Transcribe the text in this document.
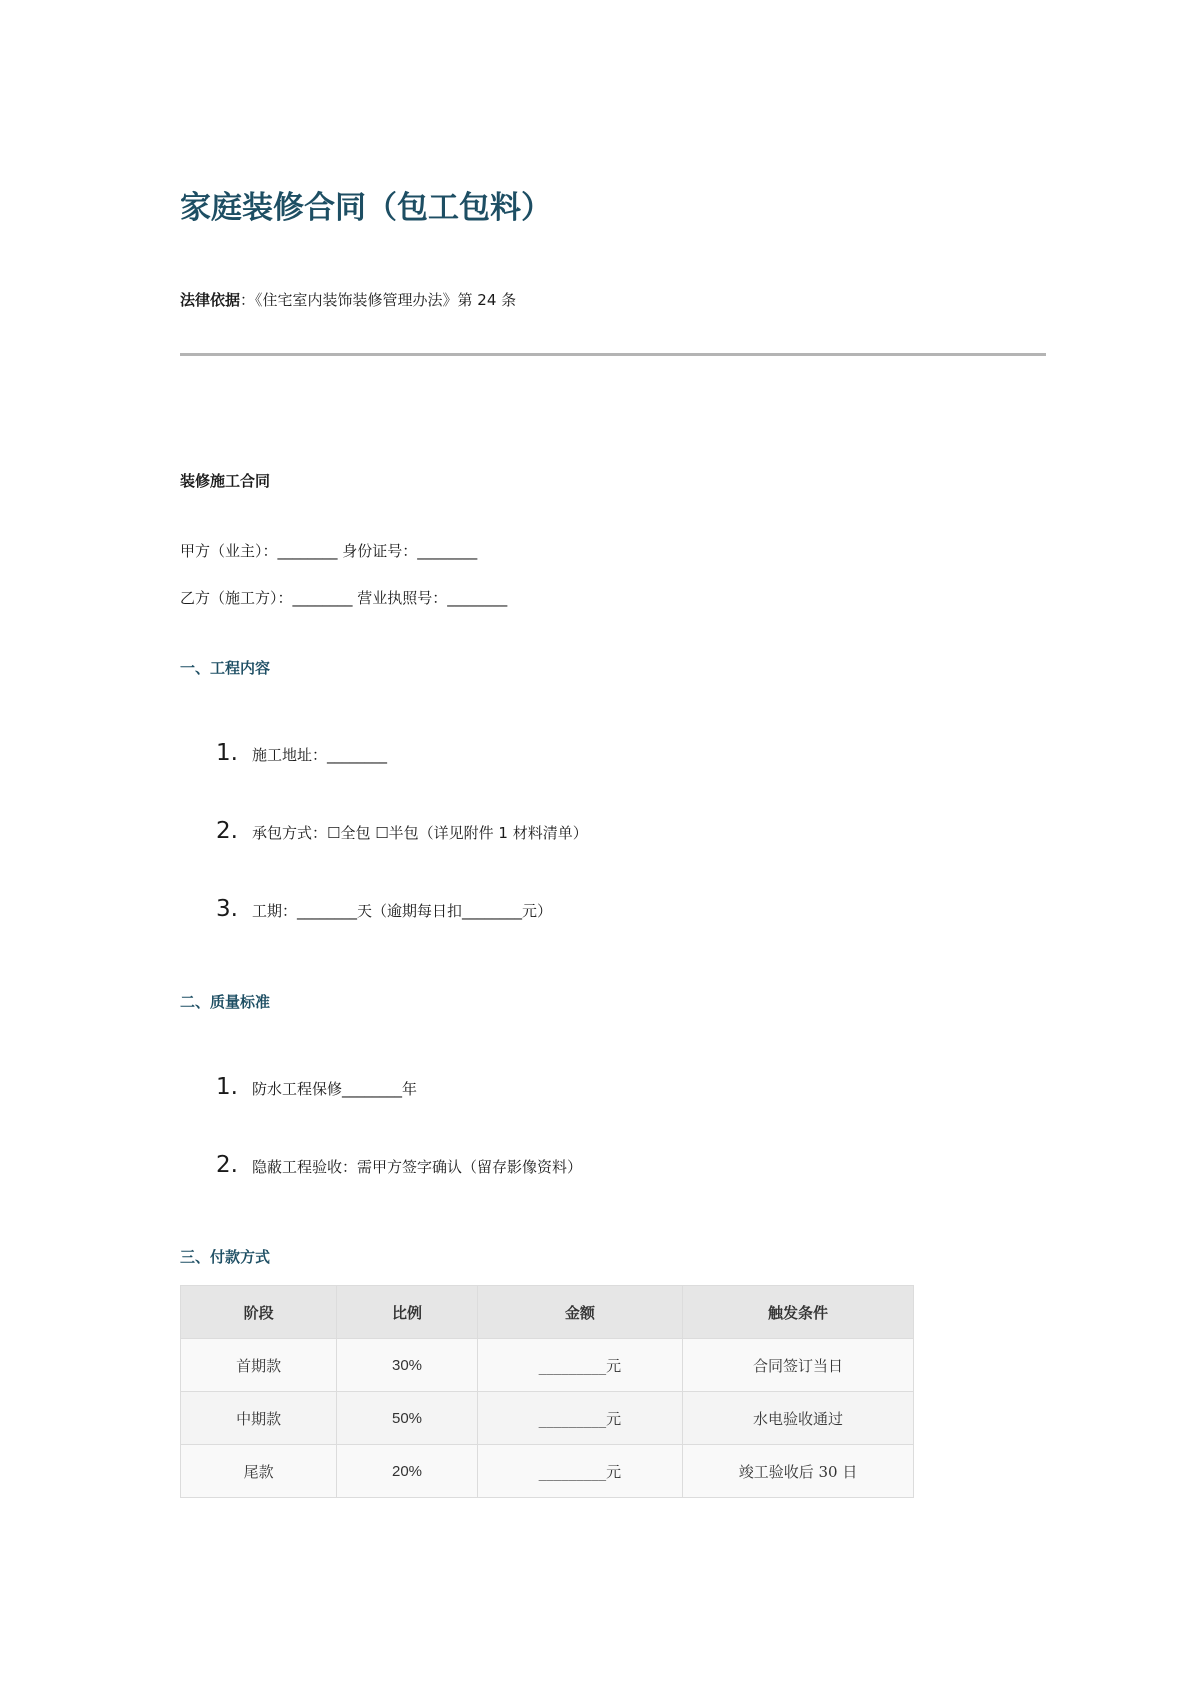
家庭装修合同（包工包料）
法律依据：《住宅室内装饰装修管理办法》第 24 条
装修施工合同
甲方（业主）：________ 身份证号：________
乙方（施工方）：________ 营业执照号：________
一、工程内容
1. 施工地址：________
2. 承包方式：☐全包 ☐半包（详见附件 1 材料清单）
3. 工期：________天（逾期每日扣________元）
二、质量标准
1. 防水工程保修________年
2. 隐蔽工程验收：需甲方签字确认（留存影像资料）
三、付款方式
阶段	比例	金额	触发条件
首期款	30%	_________元	合同签订当日
中期款	50%	_________元	水电验收通过
尾款	20%	_________元	竣工验收后 30 日
